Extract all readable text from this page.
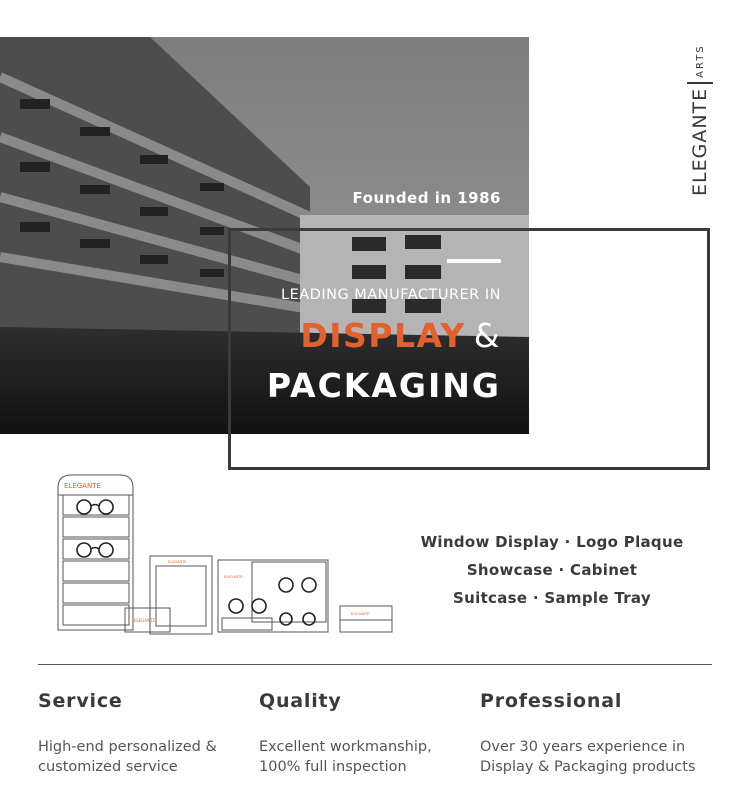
ELEGANTE
ARTS
Founded in 1986
LEADING MANUFACTURER IN
DISPLAY &
PACKAGING
ELEGANTE
ELEGANTE
ELEGANTE
ELEGANTE
ELEGANTE
Window Display · Logo Plaque
Showcase · Cabinet
Suitcase · Sample Tray
Service

High-end personalized &
customized service

Quality

Excellent workmanship,
100% full inspection

Professional

Over 30 years experience in
Display & Packaging products
